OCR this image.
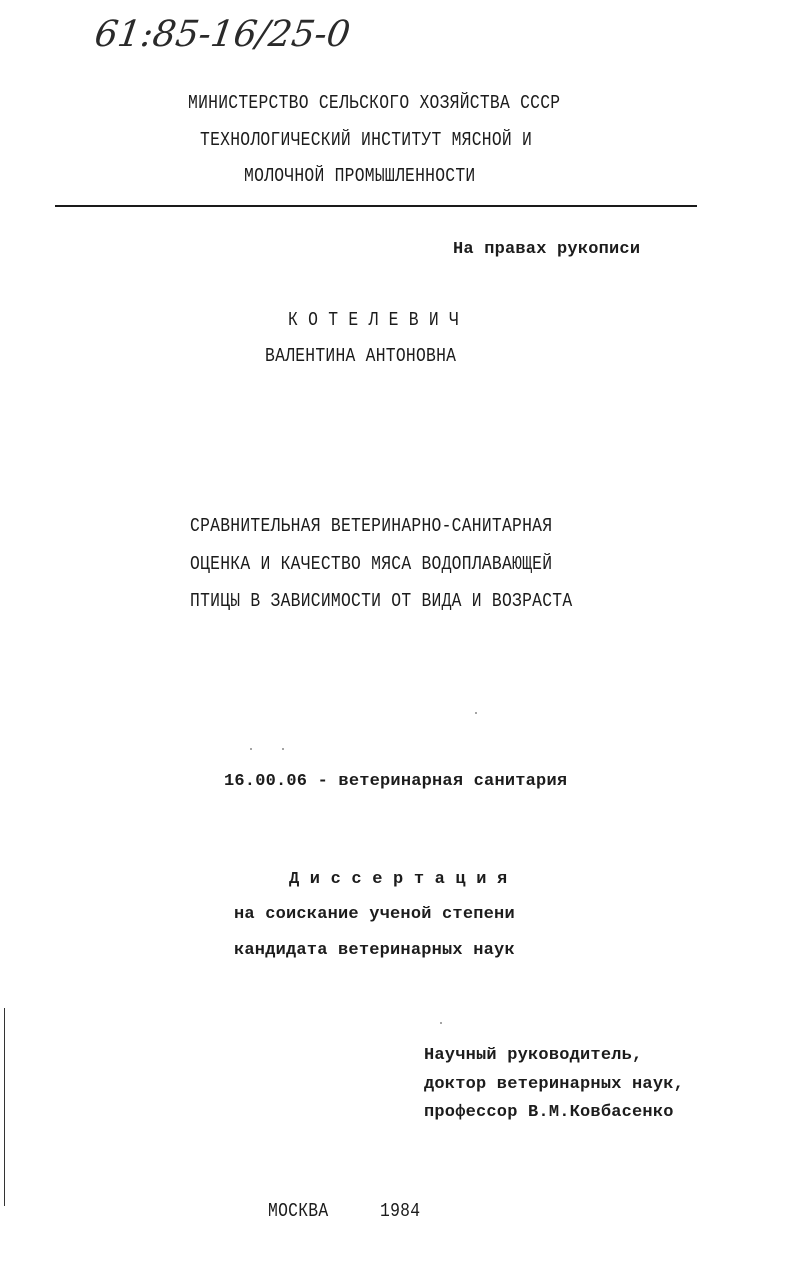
61:85-16/25-0
МИНИСТЕРСТВО СЕЛЬСКОГО ХОЗЯЙСТВА СССР
ТЕХНОЛОГИЧЕСКИЙ ИНСТИТУТ МЯСНОЙ И
МОЛОЧНОЙ ПРОМЫШЛЕННОСТИ
На правах рукописи
К О Т Е Л Е В И Ч
ВАЛЕНТИНА АНТОНОВНА
СРАВНИТЕЛЬНАЯ ВЕТЕРИНАРНО-САНИТАРНАЯ
ОЦЕНКА И КАЧЕСТВО МЯСА ВОДОПЛАВАЮЩЕЙ
ПТИЦЫ В ЗАВИСИМОСТИ ОТ ВИДА И ВОЗРАСТА
16.00.06 - ветеринарная санитария
Д и с с е р т а ц и я
на соискание ученой степени
кандидата ветеринарных наук
Научный руководитель,
доктор ветеринарных наук,
профессор В.М.Ковбасенко
МОСКВА	1984
